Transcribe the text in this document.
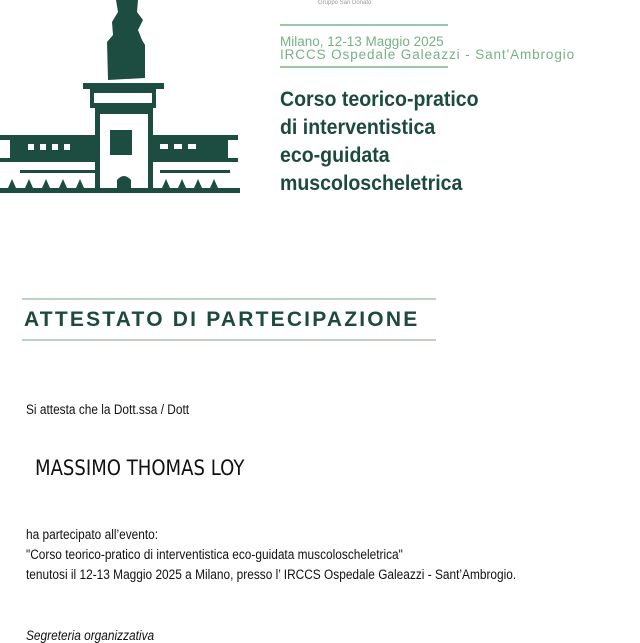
Gruppo San Donato
Milano, 12-13 Maggio 2025
IRCCS Ospedale Galeazzi - Sant'Ambrogio
Corso teorico-pratico
di interventistica
eco-guidata
muscoloscheletrica
ATTESTATO DI PARTECIPAZIONE
Si attesta che la Dott.ssa / Dott
MASSIMO THOMAS LOY
ha partecipato all’evento:
"Corso teorico-pratico di interventistica eco-guidata muscoloscheletrica"
tenutosi il 12-13 Maggio 2025 a Milano, presso l’ IRCCS Ospedale Galeazzi - Sant’Ambrogio.
Segreteria organizzativa
